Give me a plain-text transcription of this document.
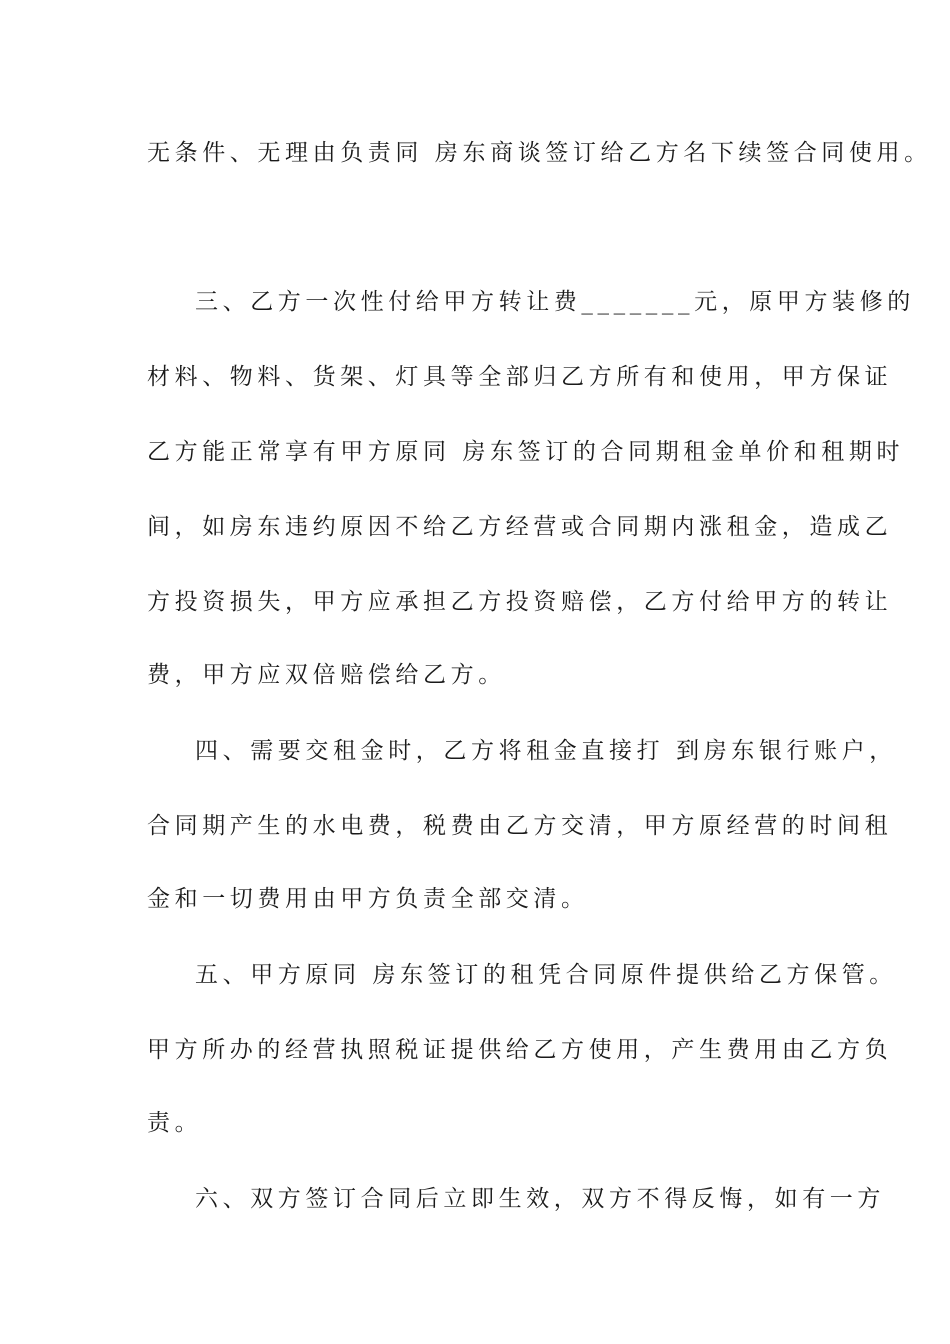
无条件、无理由负责同 房东商谈签订给乙方名下续签合同使用。
三、乙方一次性付给甲方转让费_______元，原甲方装修的
材料、物料、货架、灯具等全部归乙方所有和使用，甲方保证
乙方能正常享有甲方原同 房东签订的合同期租金单价和租期时
间，如房东违约原因不给乙方经营或合同期内涨租金，造成乙
方投资损失，甲方应承担乙方投资赔偿，乙方付给甲方的转让
费，甲方应双倍赔偿给乙方。
四、需要交租金时，乙方将租金直接打 到房东银行账户，
合同期产生的水电费，税费由乙方交清，甲方原经营的时间租
金和一切费用由甲方负责全部交清。
五、甲方原同 房东签订的租凭合同原件提供给乙方保管。
甲方所办的经营执照税证提供给乙方使用，产生费用由乙方负
责。
六、双方签订合同后立即生效，双方不得反悔，如有一方
